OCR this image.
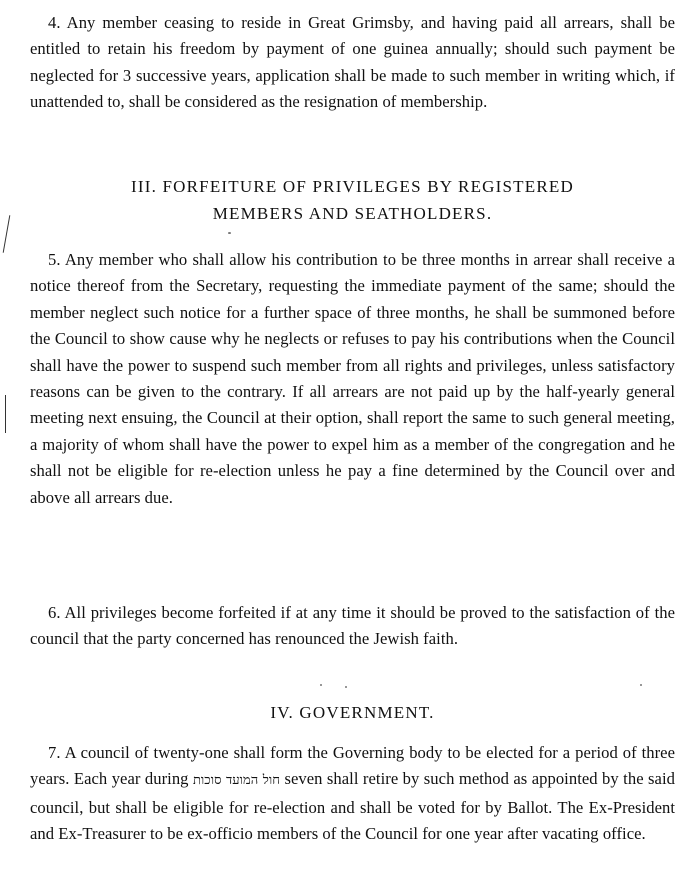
4. Any member ceasing to reside in Great Grimsby, and having paid all arrears, shall be entitled to retain his freedom by payment of one guinea annually; should such payment be neglected for 3 successive years, application shall be made to such member in writing which, if unattended to, shall be considered as the resignation of membership.

III. FORFEITURE OF PRIVILEGES BY REGISTERED
MEMBERS AND SEATHOLDERS.

5. Any member who shall allow his contribution to be three months in arrear shall receive a notice thereof from the Secretary, requesting the immediate payment of the same; should the member neglect such notice for a further space of three months, he shall be summoned before the Council to show cause why he neglects or refuses to pay his contributions when the Council shall have the power to suspend such member from all rights and privileges, unless satisfactory reasons can be given to the contrary. If all arrears are not paid up by the half-yearly general meeting next ensuing, the Council at their option, shall report the same to such general meeting, a majority of whom shall have the power to expel him as a member of the congregation and he shall not be eligible for re-election unless he pay a fine determined by the Council over and above all arrears due.

6. All privileges become forfeited if at any time it should be proved to the satisfaction of the council that the party concerned has renounced the Jewish faith.

IV. GOVERNMENT.

7. A council of twenty-one shall form the Governing body to be elected for a period of three years. Each year during חול המועד סוכות seven shall retire by such method as appointed by the said council, but shall be eligible for re-election and shall be voted for by Ballot. The Ex-President and Ex-Treasurer to be ex-officio members of the Council for one year after vacating office.
